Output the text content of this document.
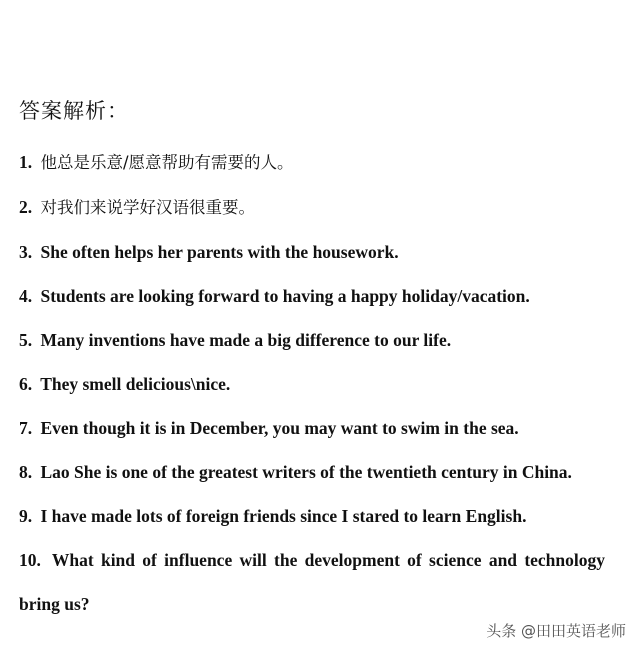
答案解析：
1. 他总是乐意/愿意帮助有需要的人。
2. 对我们来说学好汉语很重要。
3. She often helps her parents with the housework.
4. Students are looking forward to having a happy holiday/vacation.
5. Many inventions have made a big difference to our life.
6. They smell delicious\nice.
7. Even though it is in December, you may want to swim in the sea.
8. Lao She is one of the greatest writers of the twentieth century in China.
9. I have made lots of foreign friends since I stared to learn English.
10. What kind of influence will the development of science and technology bring us?
头条 @田田英语老师
